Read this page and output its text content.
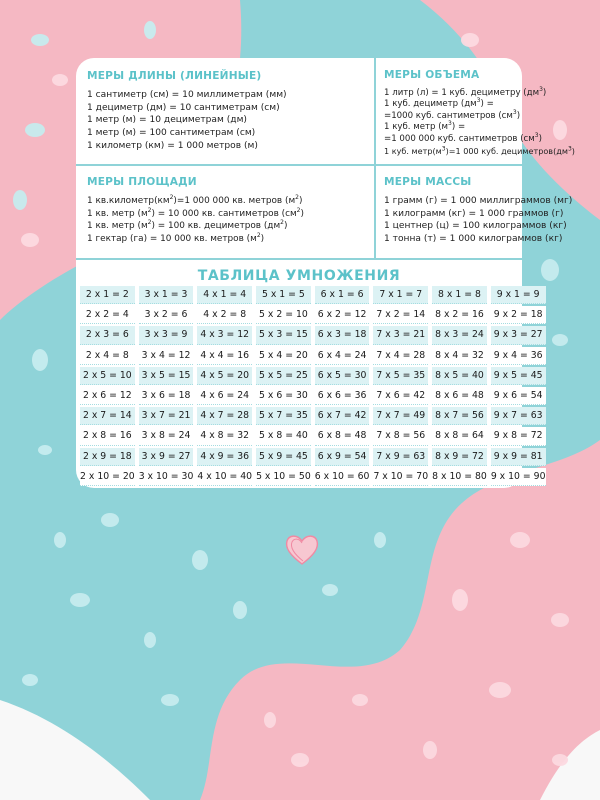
МЕРЫ ДЛИНЫ (ЛИНЕЙНЫЕ)
1 сантиметр (см) = 10 миллиметрам (мм)
1 дециметр (дм) = 10 сантиметрам (см)
1 метр (м) = 10 дециметрам (дм)
1 метр (м) = 100 сантиметрам (см)
1 километр (км) = 1 000 метров (м)
МЕРЫ ОБЪЕМА
1 литр (л) = 1 куб. дециметру $(дм^3)$
1 куб. дециметр $(дм^3)$ =
=1000 куб. сантиметров $(см^3)$
1 куб. метр $(м^3)$ =
=1 000 000 куб. сантиметров $(см^3)$
1 куб. $метр(м^3)=1$ 000 куб. $дециметров(дм^3)$
МЕРЫ ПЛОЩАДИ
1 $кв.километр(км^2)=1$ 000 000 кв. метров $(м^2)$
1 кв. метр $(м^2) = 10$ 000 кв. сантиметров $(см^2)$
1 кв. метр $(м^2) = 100$ кв. дециметров $(дм^2)$
1 гектар (га) = 10 000 кв. метров $(м^2)$
МЕРЫ МАССЫ
1 грамм (г) = 1 000 миллиграммов (мг)
1 килограмм (кг) = 1 000 граммов (г)
1 центнер (ц) = 100 килограммов (кг)
1 тонна (т) = 1 000 килограммов (кг)
ТАБЛИЦА УМНОЖЕНИЯ
2 x 1 = 2	3 x 1 = 3	4 x 1 = 4	5 x 1 = 5	6 x 1 = 6	7 x 1 = 7	8 x 1 = 8	9 x 1 = 9
2 x 2 = 4	3 x 2 = 6	4 x 2 = 8	5 x 2 = 10	6 x 2 = 12	7 x 2 = 14	8 x 2 = 16	9 x 2 = 18
2 x 3 = 6	3 x 3 = 9	4 x 3 = 12	5 x 3 = 15	6 x 3 = 18	7 x 3 = 21	8 x 3 = 24	9 x 3 = 27
2 x 4 = 8	3 x 4 = 12	4 x 4 = 16	5 x 4 = 20	6 x 4 = 24	7 x 4 = 28	8 x 4 = 32	9 x 4 = 36
2 x 5 = 10	3 x 5 = 15	4 x 5 = 20	5 x 5 = 25	6 x 5 = 30	7 x 5 = 35	8 x 5 = 40	9 x 5 = 45
2 x 6 = 12	3 x 6 = 18	4 x 6 = 24	5 x 6 = 30	6 x 6 = 36	7 x 6 = 42	8 x 6 = 48	9 x 6 = 54
2 x 7 = 14	3 x 7 = 21	4 x 7 = 28	5 x 7 = 35	6 x 7 = 42	7 x 7 = 49	8 x 7 = 56	9 x 7 = 63
2 x 8 = 16	3 x 8 = 24	4 x 8 = 32	5 x 8 = 40	6 x 8 = 48	7 x 8 = 56	8 x 8 = 64	9 x 8 = 72
2 x 9 = 18	3 x 9 = 27	4 x 9 = 36	5 x 9 = 45	6 x 9 = 54	7 x 9 = 63	8 x 9 = 72	9 x 9 = 81
2 x 10 = 20 3 x 10 = 30 4 x 10 = 40 5 x 10 = 50 6 x 10 = 60 7 x 10 = 70 8 x 10 = 80 9 x 10 = 90
